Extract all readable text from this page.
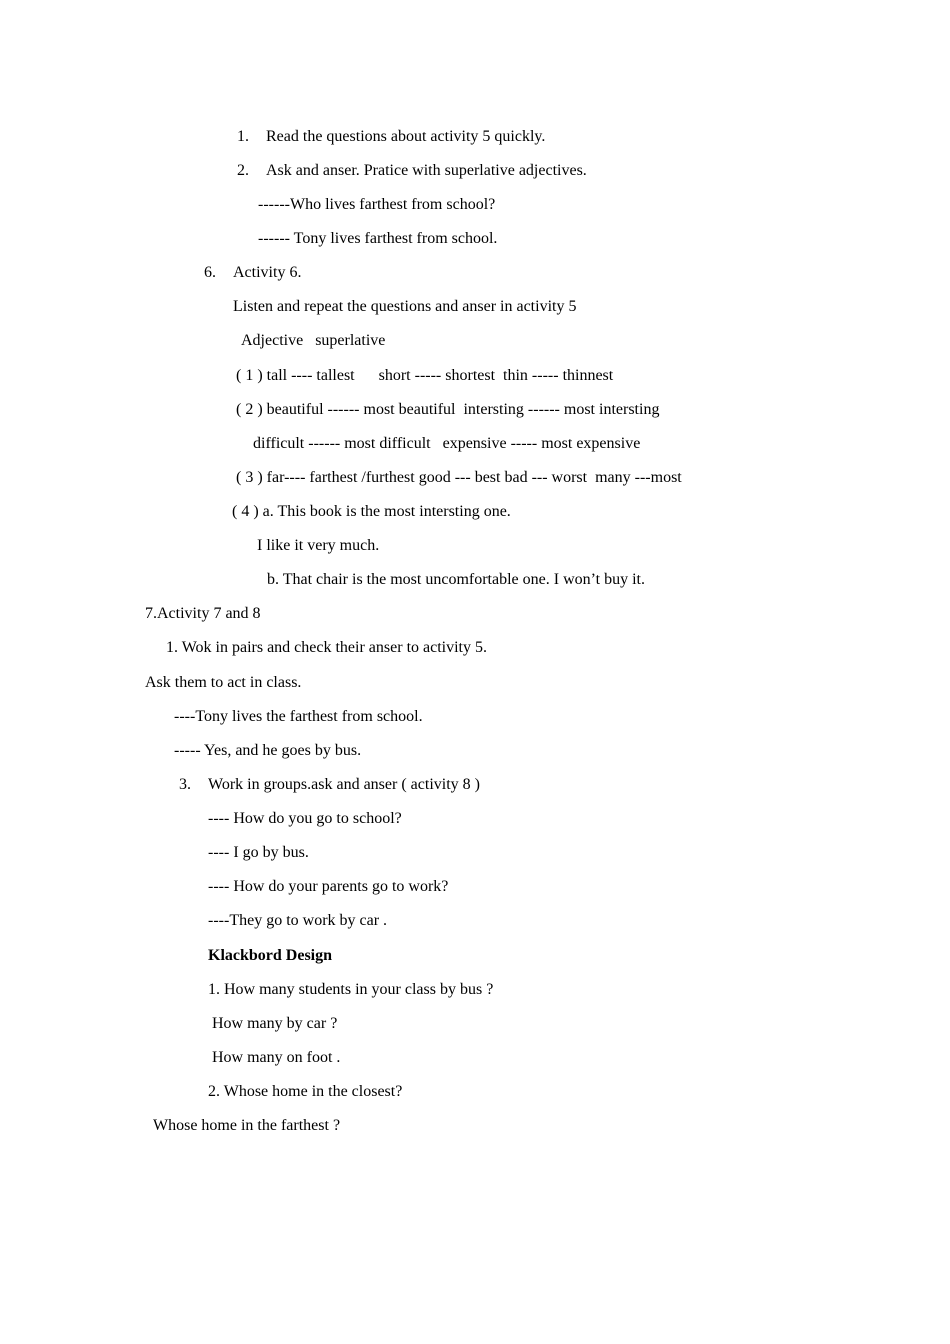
1. Read the questions about activity 5 quickly.
2. Ask and anser. Pratice with superlative adjectives.
------Who lives farthest from school?
------ Tony lives farthest from school.
6. Activity 6.
Listen and repeat the questions and anser in activity 5
Adjective   superlative
( 1 ) tall ---- tallest      short ----- shortest  thin ----- thinnest
( 2 ) beautiful ------ most beautiful  intersting ------ most intersting
difficult ------ most difficult   expensive ----- most expensive
( 3 ) far---- farthest /furthest good --- best bad --- worst  many ---most
( 4 ) a. This book is the most intersting one.
I like it very much.
b. That chair is the most uncomfortable one. I won’t buy it.
7.Activity 7 and 8
1. Wok in pairs and check their anser to activity 5.
Ask them to act in class.
----Tony lives the farthest from school.
----- Yes, and he goes by bus.
3. Work in groups.ask and anser ( activity 8 )
---- How do you go to school?
---- I go by bus.
---- How do your parents go to work?
----They go to work by car .
Klackbord Design
1. How many students in your class by bus ?
How many by car ?
How many on foot .
2. Whose home in the closest?
Whose home in the farthest ?
